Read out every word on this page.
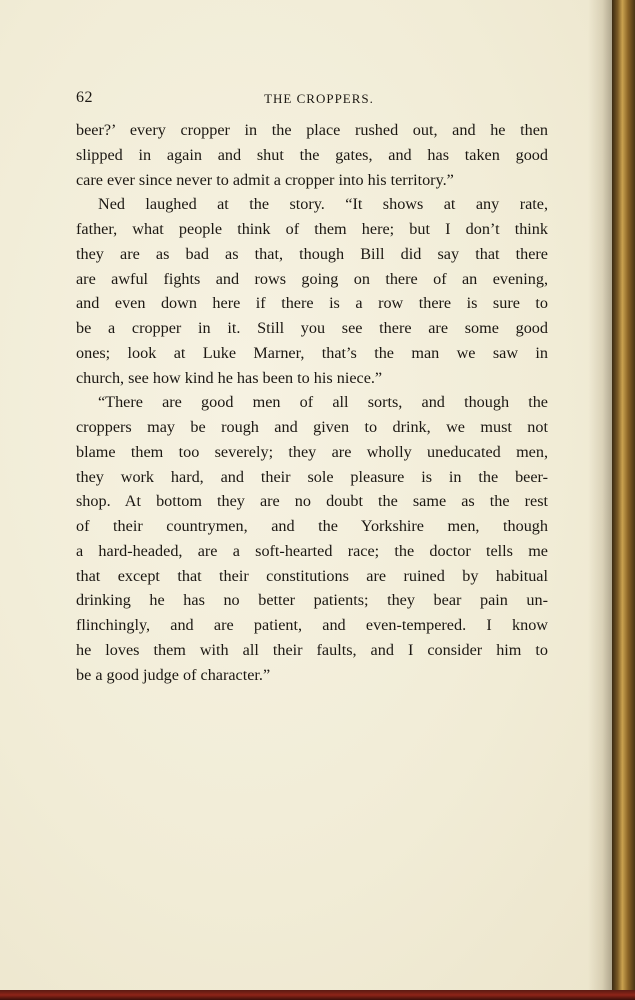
62	THE CROPPERS.
beer?’ every cropper in the place rushed out, and he then
slipped in again and shut the gates, and has taken good
care ever since never to admit a cropper into his territory.”
Ned laughed at the story. “It shows at any rate,
father, what people think of them here; but I don’t think
they are as bad as that, though Bill did say that there
are awful fights and rows going on there of an evening,
and even down here if there is a row there is sure to
be a cropper in it. Still you see there are some good
ones; look at Luke Marner, that’s the man we saw in
church, see how kind he has been to his niece.”
“There are good men of all sorts, and though the
croppers may be rough and given to drink, we must not
blame them too severely; they are wholly uneducated men,
they work hard, and their sole pleasure is in the beer-
shop. At bottom they are no doubt the same as the rest
of their countrymen, and the Yorkshire men, though
a hard-headed, are a soft-hearted race; the doctor tells me
that except that their constitutions are ruined by habitual
drinking he has no better patients; they bear pain un-
flinchingly, and are patient, and even-tempered. I know
he loves them with all their faults, and I consider him to
be a good judge of character.”
